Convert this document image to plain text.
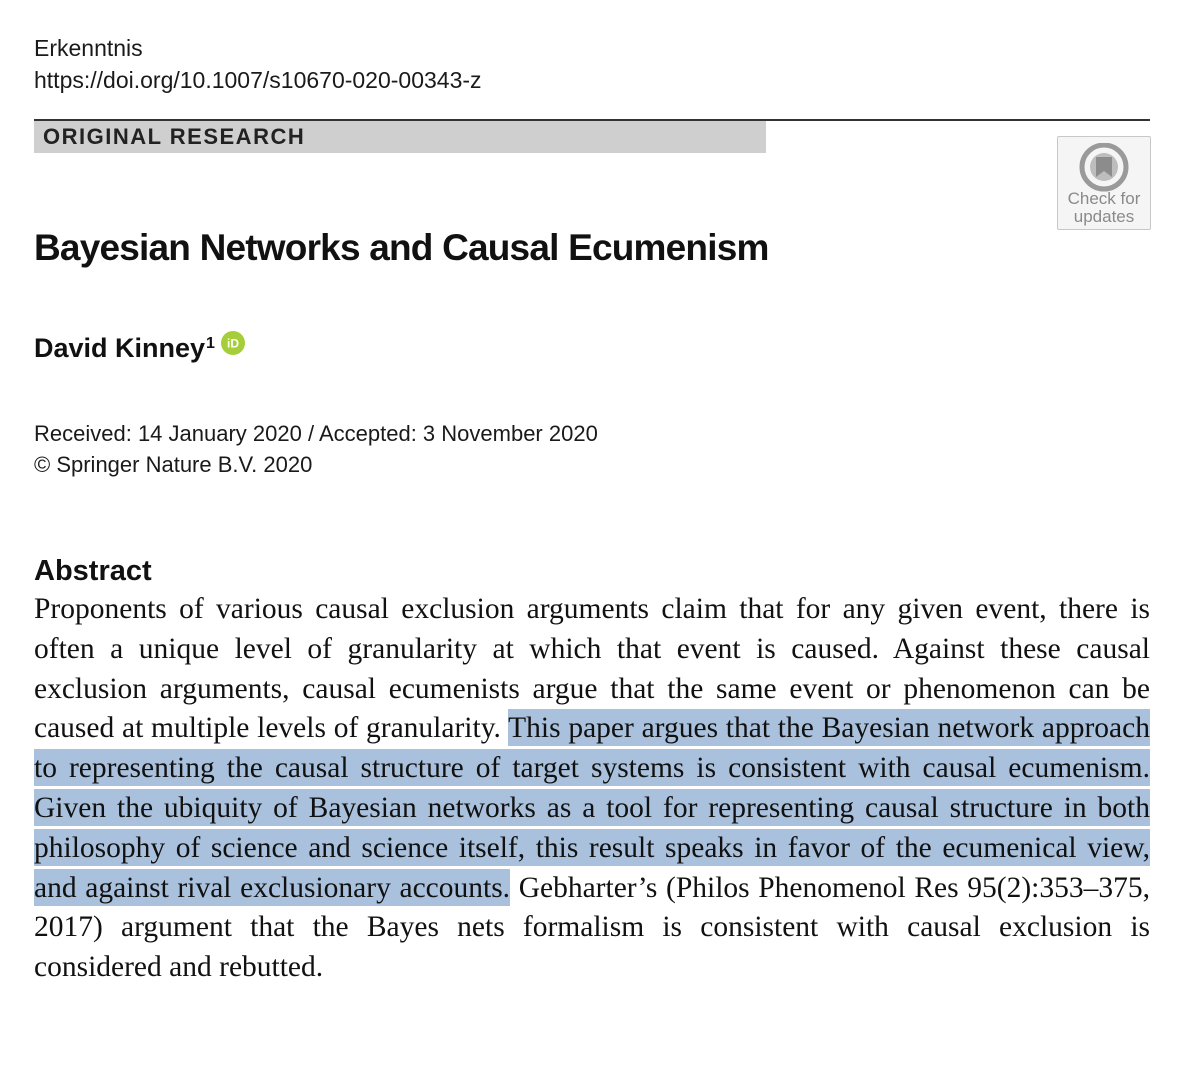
Erkenntnis
https://doi.org/10.1007/s10670-020-00343-z
ORIGINAL RESEARCH
Check for
updates
Bayesian Networks and Causal Ecumenism
David Kinney$^1$ iD
Received: 14 January 2020 / Accepted: 3 November 2020
© Springer Nature B.V. 2020
Abstract

Proponents of various causal exclusion arguments claim that for any given event, there is often a unique level of granularity at which that event is caused. Against these causal exclusion arguments, causal ecumenists argue that the same event or phenomenon can be caused at multiple levels of granularity. This paper argues that the Bayesian network approach to representing the causal structure of target systems is consistent with causal ecumenism. Given the ubiquity of Bayesian networks as a tool for representing causal structure in both philosophy of science and science itself, this result speaks in favor of the ecumenical view, and against rival exclusionary accounts. Gebharter’s (Philos Phenomenol Res 95(2):353–375, 2017) argument that the Bayes nets formalism is consistent with causal exclusion is considered and rebutted.
